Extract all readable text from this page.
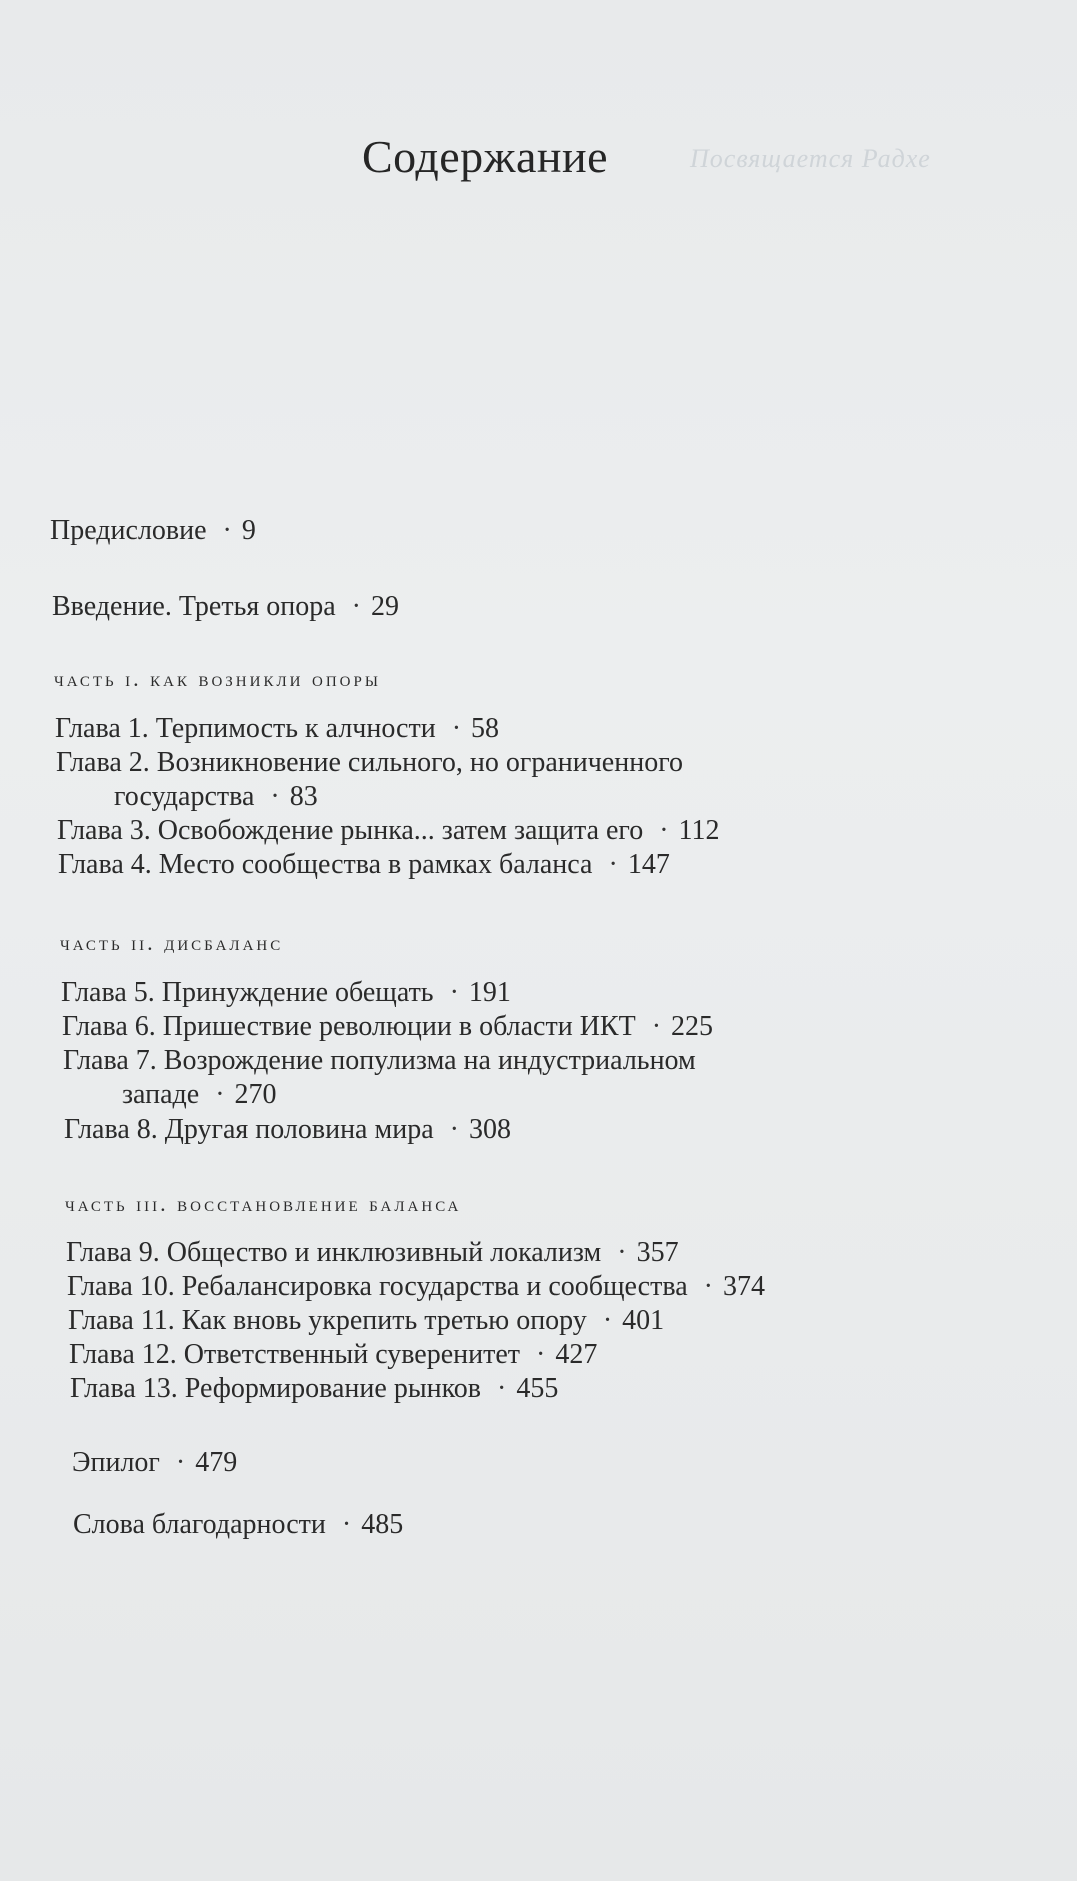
Посвящается Радхе
Содержание
Предисловие · 9
Введение. Третья опора · 29
часть i. как возникли опоры
Глава 1. Терпимость к алчности · 58
Глава 2. Возникновение сильного, но ограниченного
государства · 83
Глава 3. Освобождение рынка... затем защита его · 112
Глава 4. Место сообщества в рамках баланса · 147
часть ii. дисбаланс
Глава 5. Принуждение обещать · 191
Глава 6. Пришествие революции в области ИКТ · 225
Глава 7. Возрождение популизма на индустриальном
западе · 270
Глава 8. Другая половина мира · 308
часть iii. восстановление баланса
Глава 9. Общество и инклюзивный локализм · 357
Глава 10. Ребалансировка государства и сообщества · 374
Глава 11. Как вновь укрепить третью опору · 401
Глава 12. Ответственный суверенитет · 427
Глава 13. Реформирование рынков · 455
Эпилог · 479
Слова благодарности · 485
